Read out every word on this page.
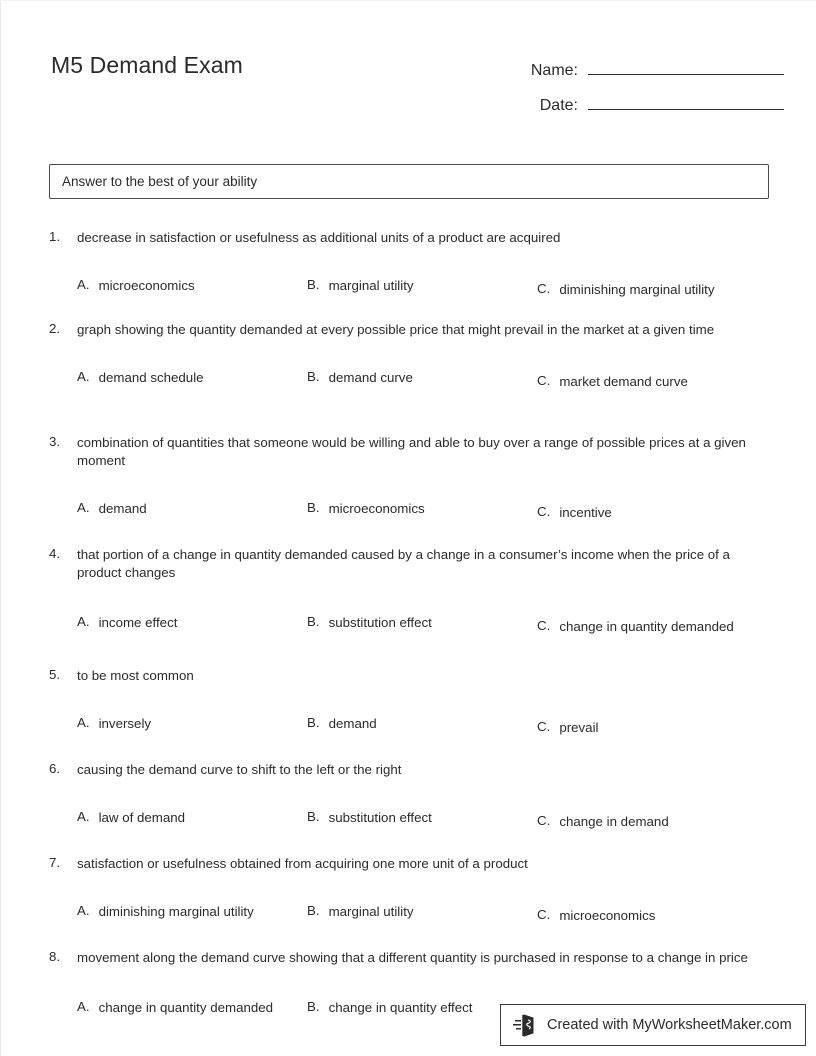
M5 Demand Exam	Name:
Date:
Answer to the best of your ability
1. decrease in satisfaction or usefulness as additional units of a product are acquired
A. microeconomics	B. marginal utility	C. diminishing marginal utility
2. graph showing the quantity demanded at every possible price that might prevail in the market at a given time
A. demand schedule	B. demand curve	C. market demand curve
3. combination of quantities that someone would be willing and able to buy over a range of possible prices at a given moment
A. demand	B. microeconomics	C. incentive
4. that portion of a change in quantity demanded caused by a change in a consumer’s income when the price of a product changes
A. income effect	B. substitution effect	C. change in quantity demanded
5. to be most common
A. inversely	B. demand	C. prevail
6. causing the demand curve to shift to the left or the right
A. law of demand	B. substitution effect	C. change in demand
7. satisfaction or usefulness obtained from acquiring one more unit of a product
A. diminishing marginal utility	B. marginal utility	C. microeconomics
8. movement along the demand curve showing that a different quantity is purchased in response to a change in price
A. change in quantity demanded	B. change in quantity effect
Created with MyWorksheetMaker.com
